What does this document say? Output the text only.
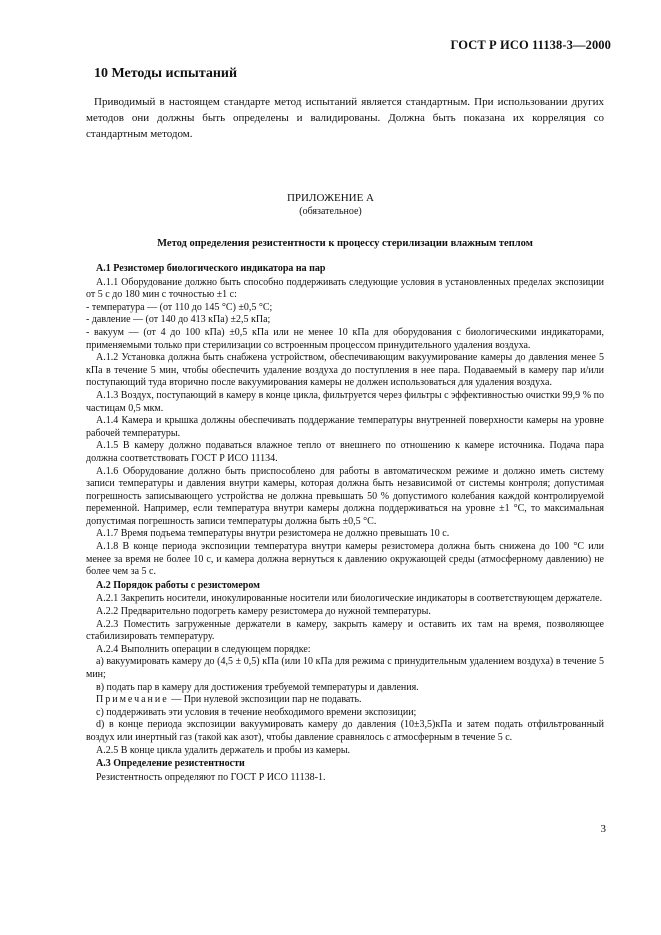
ГОСТ Р ИСО 11138-3—2000
10 Методы испытаний

Приводимый в настоящем стандарте метод испытаний является стандартным. При использовании других методов они должны быть определены и валидированы. Должна быть показана их корреляция со стандартным методом.

ПРИЛОЖЕНИЕ А
(обязательное)
Метод определения резистентности к процессу стерилизации влажным теплом

А.1 Резистомер биологического индикатора на пар

А.1.1 Оборудование должно быть способно поддерживать следующие условия в установленных пределах экспозиции от 5 с до 180 мин с точностью ±1 с:

- температура — (от 110 до 145 °С) ±0,5 °С;

- давление — (от 140 до 413 кПа) ±2,5 кПа;

- вакуум — (от 4 до 100 кПа) ±0,5 кПа или не менее 10 кПа для оборудования с биологическими индикаторами, применяемыми только при стерилизации со встроенным процессом принудительного удаления воздуха.

А.1.2 Установка должна быть снабжена устройством, обеспечивающим вакуумирование камеры до давления менее 5 кПа в течение 5 мин, чтобы обеспечить удаление воздуха до поступления в нее пара. Подаваемый в камеру пар и/или поступающий туда вторично после вакуумирования камеры не должен использоваться для удаления воздуха.

А.1.3 Воздух, поступающий в камеру в конце цикла, фильтруется через фильтры с эффективностью очистки 99,9 % по частицам 0,5 мкм.

А.1.4 Камера и крышка должны обеспечивать поддержание температуры внутренней поверхности камеры на уровне рабочей температуры.

А.1.5 В камеру должно подаваться влажное тепло от внешнего по отношению к камере источника. Подача пара должна соответствовать ГОСТ Р ИСО 11134.

А.1.6 Оборудование должно быть приспособлено для работы в автоматическом режиме и должно иметь систему записи температуры и давления внутри камеры, которая должна быть независимой от системы контроля; допустимая погрешность записывающего устройства не должна превышать 50 % допустимого колебания каждой контролируемой переменной. Например, если температура внутри камеры должна поддерживаться на уровне ±1 °С, то максимальная допустимая погрешность записи температуры должна быть ±0,5 °С.

А.1.7 Время подъема температуры внутри резистомера не должно превышать 10 с.

А.1.8 В конце периода экспозиции температура внутри камеры резистомера должна быть снижена до 100 °С или менее за время не более 10 с, и камера должна вернуться к давлению окружающей среды (атмосферному давлению) не более чем за 5 с.

А.2 Порядок работы с резистомером

А.2.1 Закрепить носители, инокулированные носители или биологические индикаторы в соответствующем держателе.

А.2.2 Предварительно подогреть камеру резистомера до нужной температуры.

А.2.3 Поместить загруженные держатели в камеру, закрыть камеру и оставить их там на время, позволяющее стабилизировать температуру.

А.2.4 Выполнить операции в следующем порядке:

а) вакуумировать камеру до (4,5 ± 0,5) кПа (или 10 кПа для режима с принудительным удалением воздуха) в течение 5 мин;

в) подать пар в камеру для достижения требуемой температуры и давления.

Примечание — При нулевой экспозиции пар не подавать.

с) поддерживать эти условия в течение необходимого времени экспозиции;

d) в конце периода экспозиции вакуумировать камеру до давления (10±3,5)кПа и затем подать отфильтрованный воздух или инертный газ (такой как азот), чтобы давление сравнялось с атмосферным в течение 5 с.

А.2.5 В конце цикла удалить держатель и пробы из камеры.

А.3 Определение резистентности

Резистентность определяют по ГОСТ Р ИСО 11138-1.

3
